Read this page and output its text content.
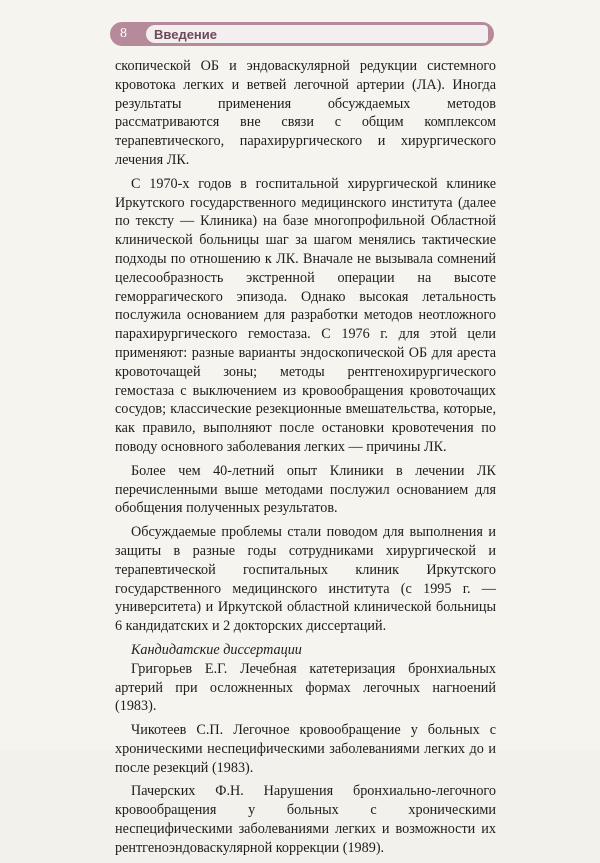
8	Введение

скопической ОБ и эндоваскулярной редукции системного кровотока легких и ветвей легочной артерии (ЛА). Иногда результаты применения обсуждаемых методов рассматриваются вне связи с общим комплексом терапевтического, парахирургического и хирургического лечения ЛК.

С 1970-х годов в госпитальной хирургической клинике Иркутского государственного медицинского института (далее по тексту — Клиника) на базе многопрофильной Областной клинической больницы шаг за шагом менялись тактические подходы по отношению к ЛК. Вначале не вызывала сомнений целесообразность экстренной операции на высоте геморрагического эпизода. Однако высокая летальность послужила основанием для разработки методов неотложного парахирургического гемостаза. С 1976 г. для этой цели применяют: разные варианты эндоскопической ОБ для ареста кровоточащей зоны; методы рентгенохирургического гемостаза с выключением из кровообращения кровоточащих сосудов; классические резекционные вмешательства, которые, как правило, выполняют после остановки кровотечения по поводу основного заболевания легких — причины ЛК.

Более чем 40-летний опыт Клиники в лечении ЛК перечисленными выше методами послужил основанием для обобщения полученных результатов.

Обсуждаемые проблемы стали поводом для выполнения и защиты в разные годы сотрудниками хирургической и терапевтической госпитальных клиник Иркутского государственного медицинского института (с 1995 г. — университета) и Иркутской областной клинической больницы 6 кандидатских и 2 докторских диссертаций.

Кандидатские диссертации

Григорьев Е.Г. Лечебная катетеризация бронхиальных артерий при осложненных формах легочных нагноений (1983).

Чикотеев С.П. Легочное кровообращение у больных с хроническими неспецифическими заболеваниями легких до и после резекций (1983).

Пачерских Ф.Н. Нарушения бронхиально-легочного кровообращения у больных с хроническими неспецифическими заболеваниями легких и возможности их рентгеноэндоваскулярной коррекции (1989).
